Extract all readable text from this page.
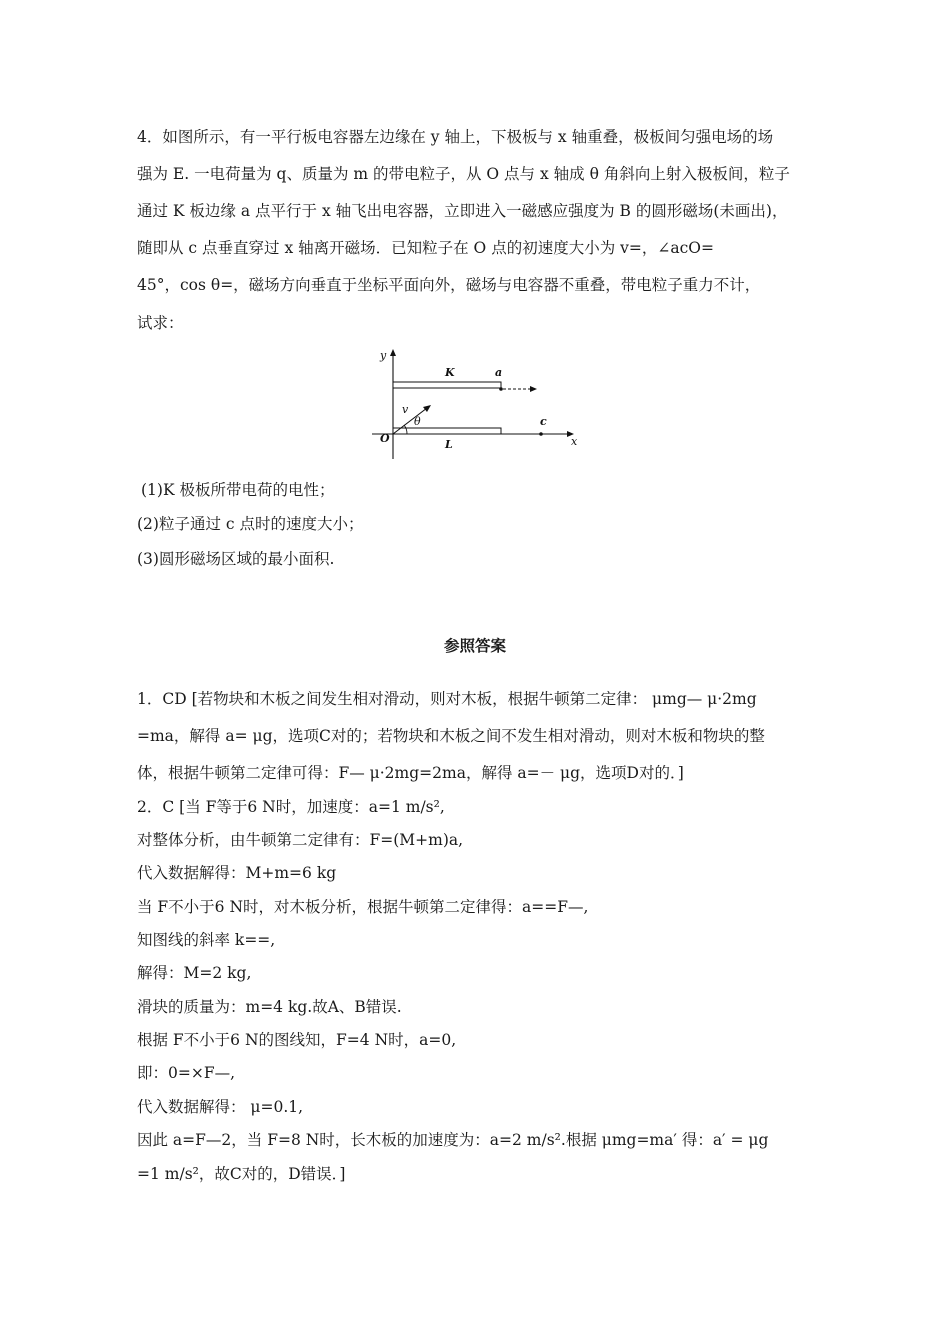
4．如图所示，有一平行板电容器左边缘在 y 轴上，下极板与 x 轴重叠，极板间匀强电场的场
强为 E. 一电荷量为 q、质量为 m 的带电粒子，从 O 点与 x 轴成 θ 角斜向上射入极板间，粒子
通过 K 板边缘 a 点平行于 x 轴飞出电容器，立即进入一磁感应强度为 B 的圆形磁场(未画出)，
随即从 c 点垂直穿过 x 轴离开磁场．已知粒子在 O 点的初速度大小为 v=，∠acO=
45°，cos θ=，磁场方向垂直于坐标平面向外，磁场与电容器不重叠，带电粒子重力不计，
试求：
y
x
O
K
L
a
v
θ	c
(1)K 极板所带电荷的电性；
(2)粒子通过 c 点时的速度大小；
(3)圆形磁场区域的最小面积.
参照答案
1．CD [若物块和木板之间发生相对滑动，则对木板，根据牛顿第二定律： μmg— μ·2mg
=ma，解得 a= μg，选项C对的；若物块和木板之间不发生相对滑动，则对木板和物块的整
体，根据牛顿第二定律可得：F— μ·2mg=2ma，解得 a=－ μg，选项D对的．]
2．C [当 F等于6 N时，加速度：a=1 m/s²,
对整体分析，由牛顿第二定律有：F=(M+m)a,
代入数据解得：M+m=6 kg
当 F不小于6 N时，对木板分析，根据牛顿第二定律得：a==F—,
知图线的斜率 k==,
解得：M=2 kg,
滑块的质量为：m=4 kg.故A、B错误.
根据 F不小于6 N的图线知，F=4 N时，a=0,
即：0=×F—,
代入数据解得： μ=0.1,
因此 a=F—2，当 F=8 N时，长木板的加速度为：a=2 m/s².根据 μmg=ma′ 得：a′ = μg
=1 m/s²，故C对的，D错误．]
